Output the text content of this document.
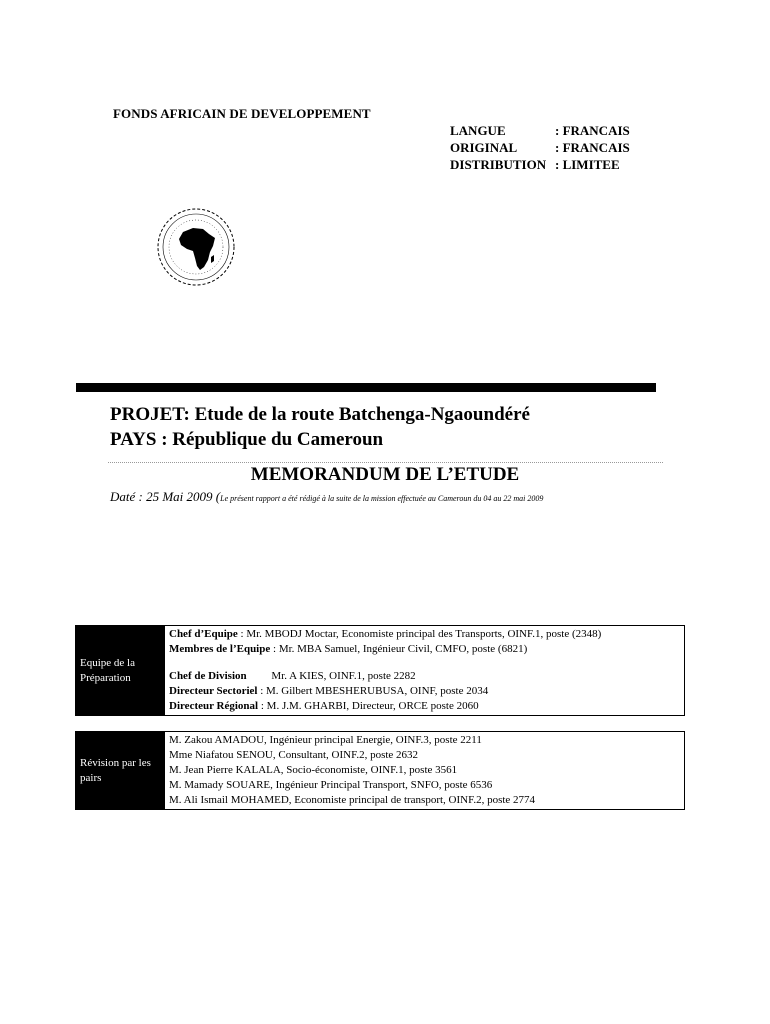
FONDS AFRICAIN DE DEVELOPPEMENT
LANGUE	: FRANCAIS
ORIGINAL	: FRANCAIS
DISTRIBUTION : LIMITEE
PROJET: Etude de la route Batchenga-Ngaoundéré
PAYS : République du Cameroun
MEMORANDUM DE L’ETUDE
Daté : 25 Mai 2009 (Le présent rapport a été rédigé à la suite de la mission effectuée au Cameroun du 04 au 22 mai 2009
Equipe de la Préparation	
Chef d’Equipe : Mr. MBODJ Moctar, Economiste principal des Transports, OINF.1, poste (2348)
Membres de l’Equipe : Mr. MBA Samuel, Ingénieur Civil, CMFO, poste (6821)
Chef de Division Mr. A KIES, OINF.1, poste 2282
Directeur Sectoriel : M. Gilbert MBESHERUBUSA, OINF, poste 2034
Directeur Régional : M. J.M. GHARBI, Directeur, ORCE poste 2060
Révision par les pairs	
M. Zakou AMADOU, Ingénieur principal Energie, OINF.3, poste 2211
Mme Niafatou SENOU, Consultant, OINF.2, poste 2632
M. Jean Pierre KALALA, Socio-économiste, OINF.1, poste 3561
M. Mamady SOUARE, Ingénieur Principal Transport, SNFO, poste 6536
M. Ali Ismail MOHAMED, Economiste principal de transport, OINF.2, poste 2774
